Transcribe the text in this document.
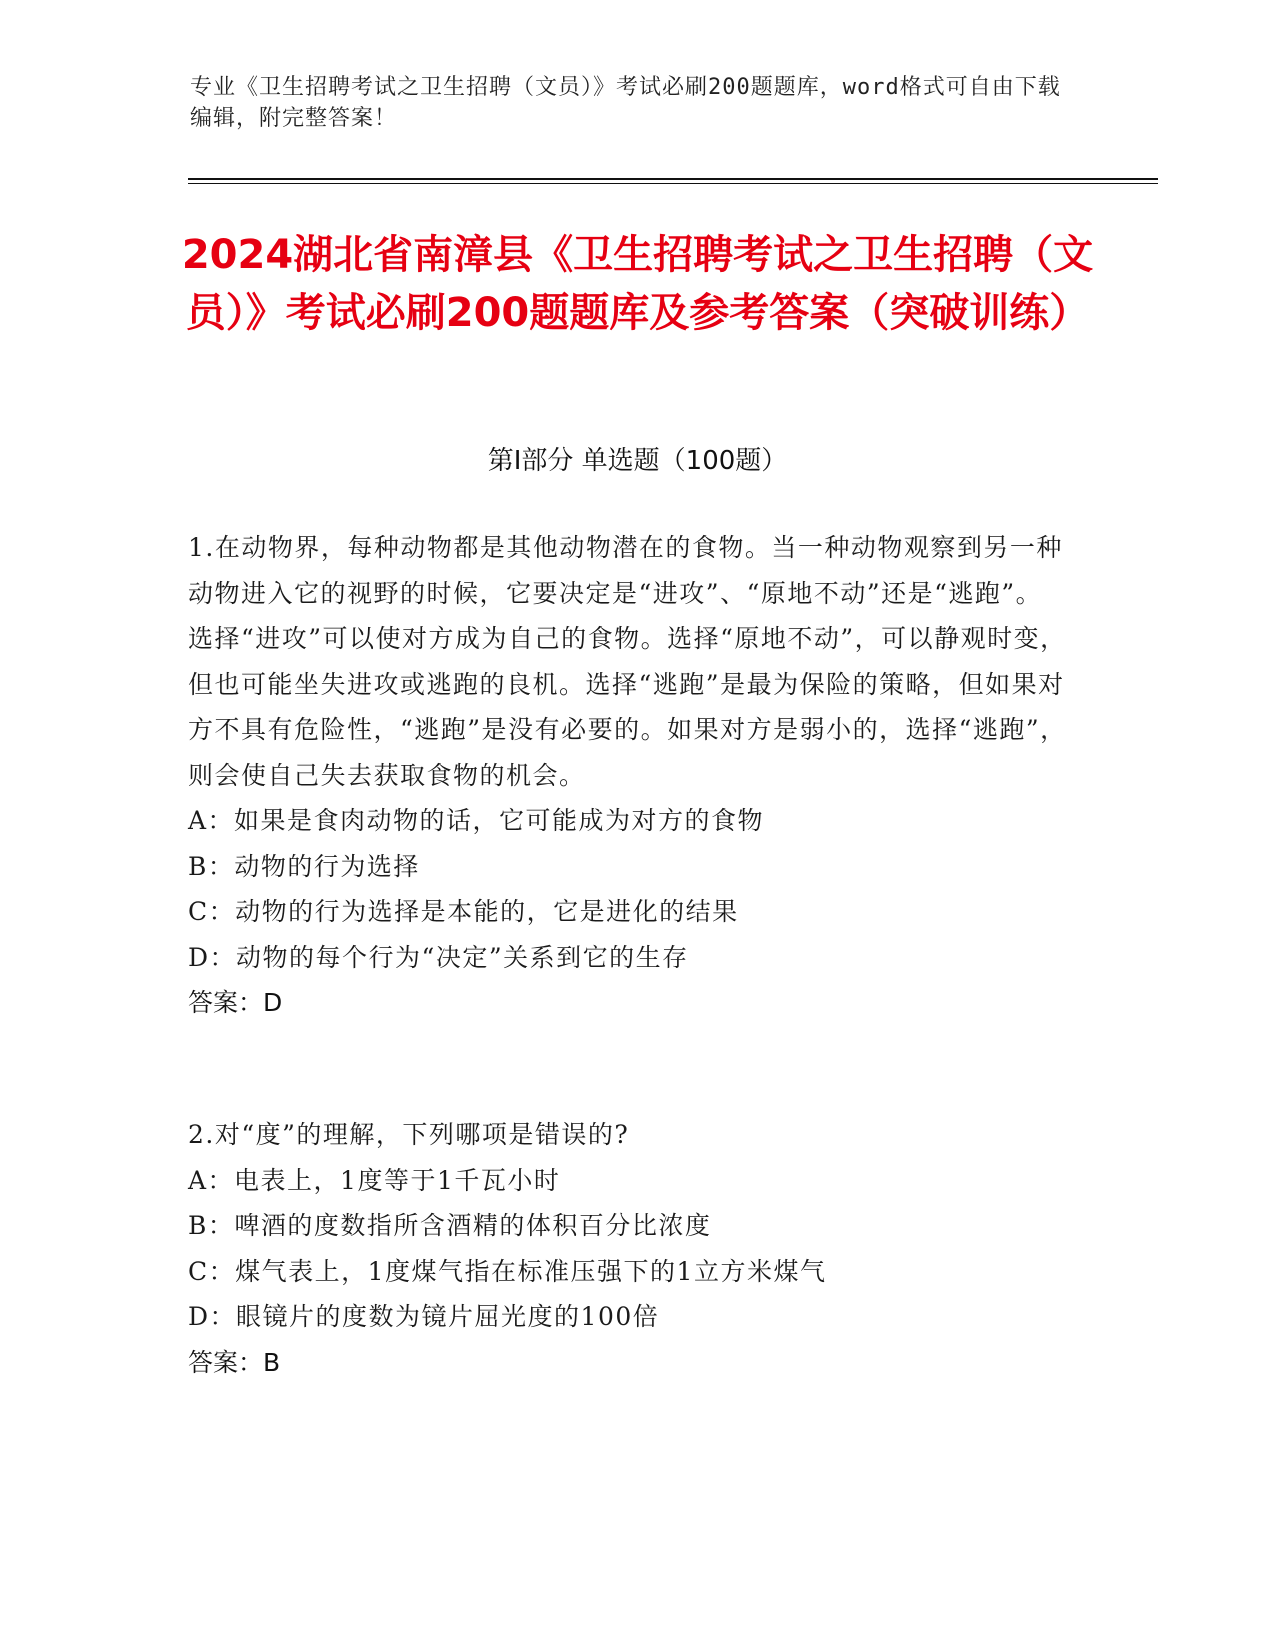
专业《卫生招聘考试之卫生招聘（文员）》考试必刷200题题库，word格式可自由下载编辑，附完整答案！
2024湖北省南漳县《卫生招聘考试之卫生招聘（文员）》考试必刷200题题库及参考答案（突破训练）
第I部分 单选题（100题）
1.在动物界，每种动物都是其他动物潜在的食物。当一种动物观察到另一种动物进入它的视野的时候，它要决定是“进攻”、“原地不动”还是“逃跑”。选择“进攻”可以使对方成为自己的食物。选择“原地不动”，可以静观时变，但也可能坐失进攻或逃跑的良机。选择“逃跑”是最为保险的策略，但如果对方不具有危险性，“逃跑”是没有必要的。如果对方是弱小的，选择“逃跑”，则会使自己失去获取食物的机会。
A：如果是食肉动物的话，它可能成为对方的食物
B：动物的行为选择
C：动物的行为选择是本能的，它是进化的结果
D：动物的每个行为“决定”关系到它的生存
答案：D
2.对“度”的理解，下列哪项是错误的?
A：电表上，1度等于1千瓦小时
B：啤酒的度数指所含酒精的体积百分比浓度
C：煤气表上，1度煤气指在标准压强下的1立方米煤气
D：眼镜片的度数为镜片屈光度的100倍
答案：B
